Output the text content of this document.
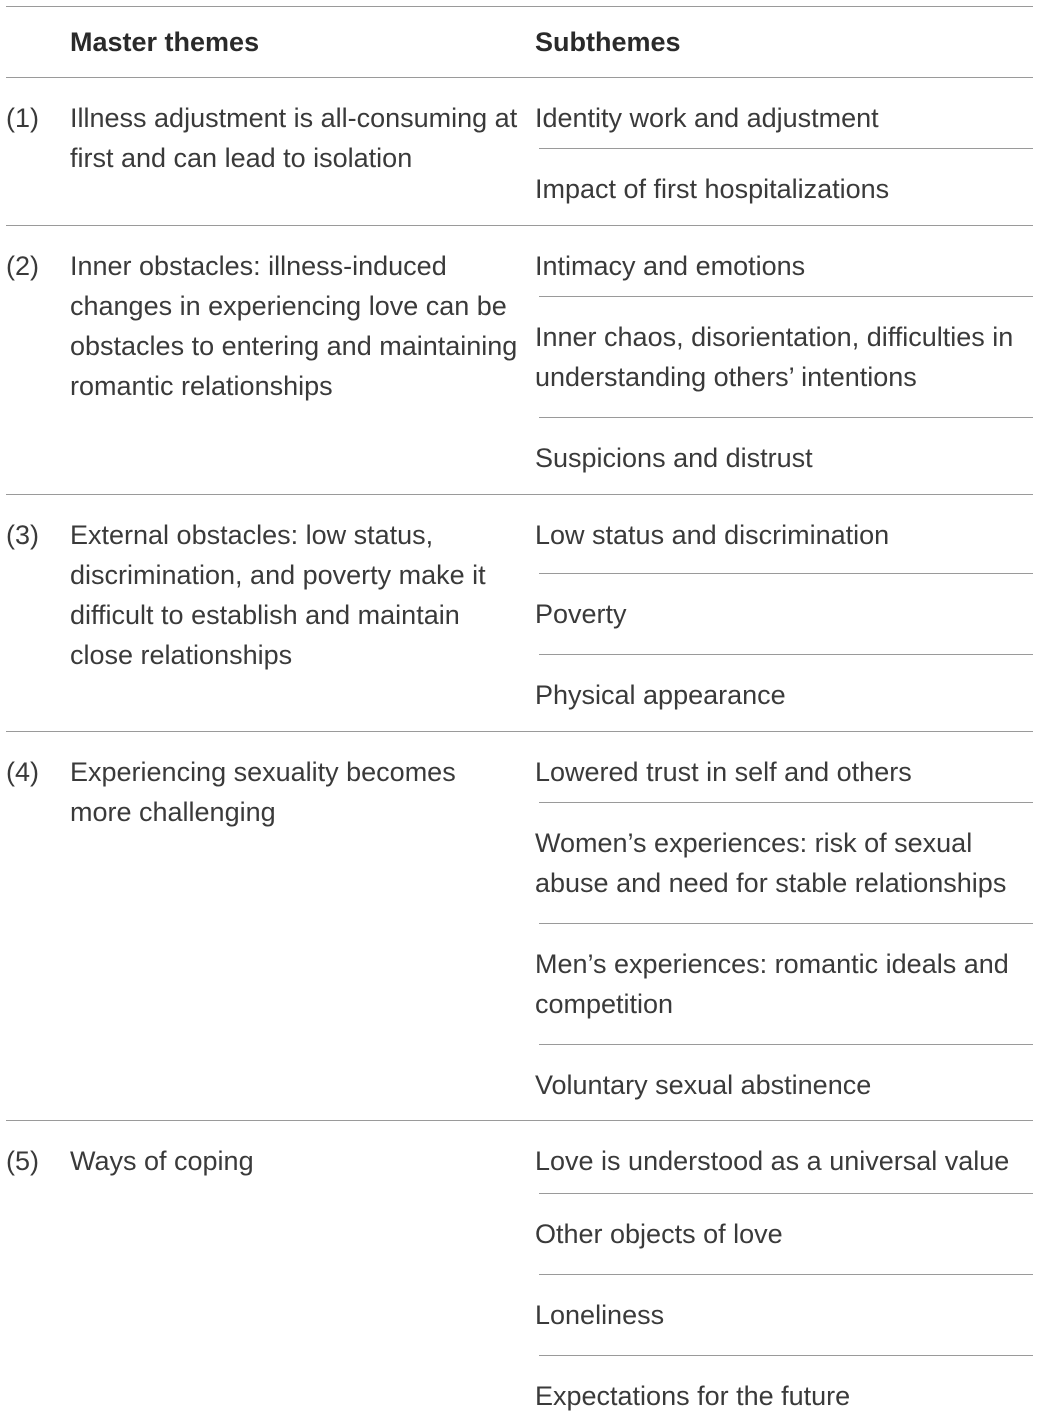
Master themes	Subthemes
(1) Illness adjustment is all-consuming at first and can lead to isolation
Identity work and adjustment
Impact of first hospitalizations
(2) Inner obstacles: illness-induced changes in experiencing love can be obstacles to entering and maintaining romantic relationships
Intimacy and emotions
Inner chaos, disorientation, difficulties in understanding others’ intentions
Suspicions and distrust
(3) External obstacles: low status, discrimination, and poverty make it difficult to establish and maintain close relationships
Low status and discrimination
Poverty
Physical appearance
(4) Experiencing sexuality becomes more challenging
Lowered trust in self and others
Women’s experiences: risk of sexual abuse and need for stable relationships
Men’s experiences: romantic ideals and competition
Voluntary sexual abstinence
(5) Ways of coping	Love is understood as a universal value
Other objects of love
Loneliness
Expectations for the future
